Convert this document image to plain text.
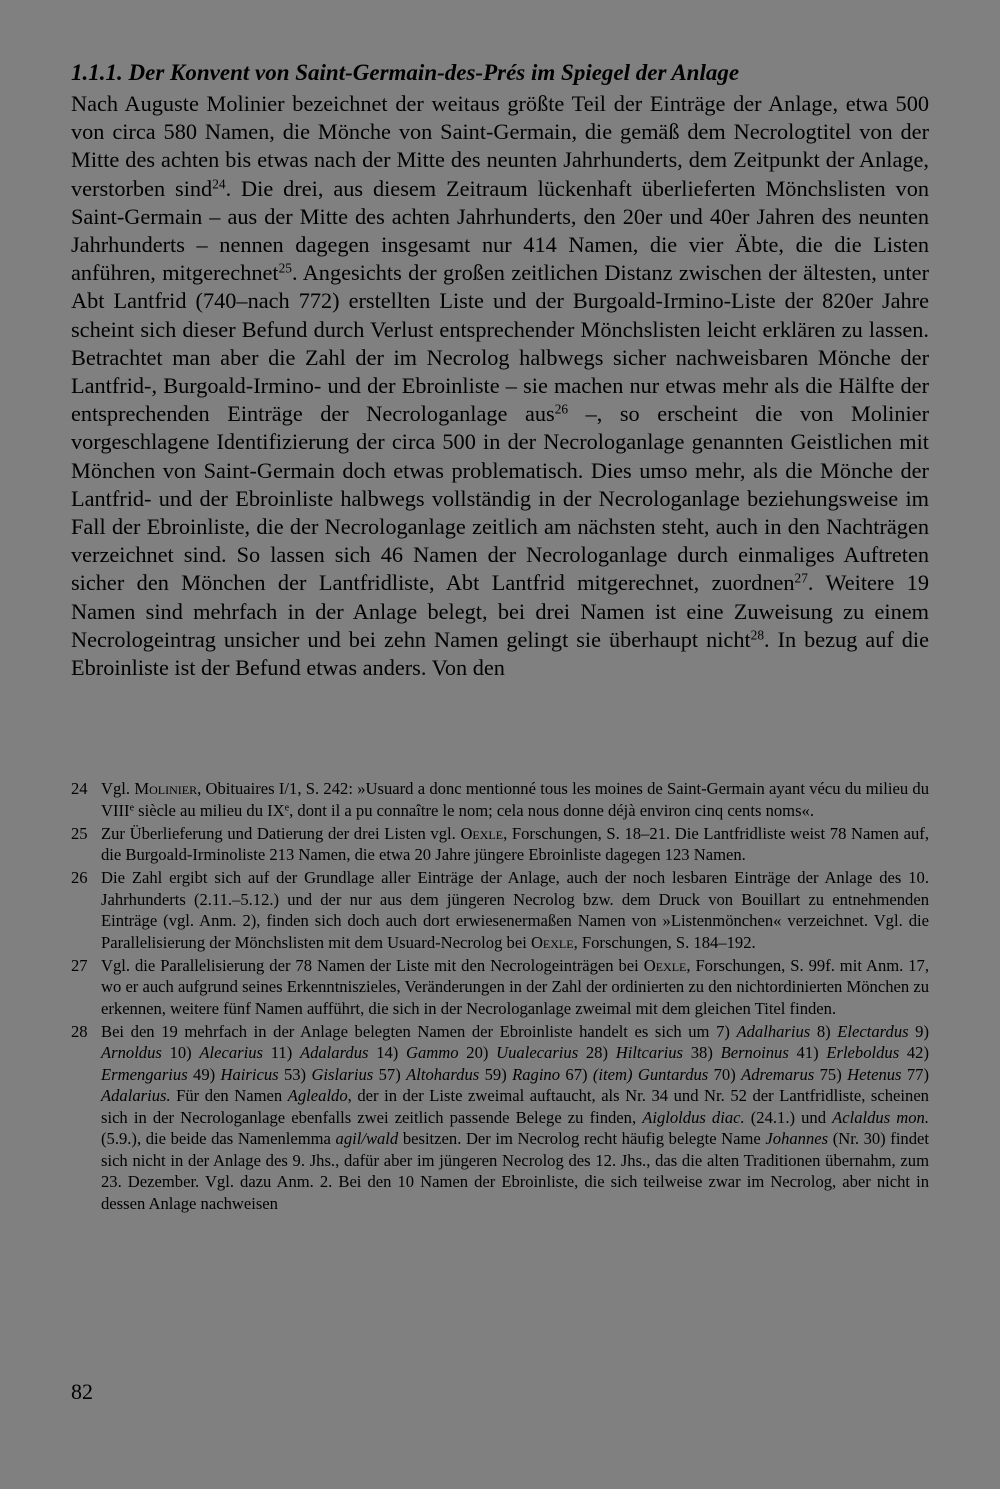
1.1.1. Der Konvent von Saint-Germain-des-Prés im Spiegel der Anlage

Nach Auguste Molinier bezeichnet der weitaus größte Teil der Einträge der Anlage, etwa 500 von circa 580 Namen, die Mönche von Saint-Germain, die gemäß dem Necrologtitel von der Mitte des achten bis etwas nach der Mitte des neunten Jahrhunderts, dem Zeitpunkt der Anlage, verstorben sind$^{24}$. Die drei, aus diesem Zeitraum lückenhaft überlieferten Mönchslisten von Saint-Germain – aus der Mitte des achten Jahrhunderts, den 20er und 40er Jahren des neunten Jahrhunderts – nennen dagegen insgesamt nur 414 Namen, die vier Äbte, die die Listen anführen, mitgerechnet$^{25}$. Angesichts der großen zeitlichen Distanz zwischen der ältesten, unter Abt Lantfrid (740–nach 772) erstellten Liste und der Burgoald-Irmino-Liste der 820er Jahre scheint sich dieser Befund durch Verlust entsprechender Mönchslisten leicht erklären zu lassen. Betrachtet man aber die Zahl der im Necrolog halbwegs sicher nachweisbaren Mönche der Lantfrid-, Burgoald-Irmino- und der Ebroinliste – sie machen nur etwas mehr als die Hälfte der entsprechenden Einträge der Necrologanlage aus$^{26}$ –, so erscheint die von Molinier vorgeschlagene Identifizierung der circa 500 in der Necrologanlage genannten Geistlichen mit Mönchen von Saint-Germain doch etwas problematisch. Dies umso mehr, als die Mönche der Lantfrid- und der Ebroinliste halbwegs vollständig in der Necrologanlage beziehungsweise im Fall der Ebroinliste, die der Necrologanlage zeitlich am nächsten steht, auch in den Nachträgen verzeichnet sind. So lassen sich 46 Namen der Necrologanlage durch einmaliges Auftreten sicher den Mönchen der Lantfridliste, Abt Lantfrid mitgerechnet, zuordnen$^{27}$. Weitere 19 Namen sind mehrfach in der Anlage belegt, bei drei Namen ist eine Zuweisung zu einem Necrologeintrag unsicher und bei zehn Namen gelingt sie überhaupt nicht$^{28}$. In bezug auf die Ebroinliste ist der Befund etwas anders. Von den

24 Vgl. Molinier, Obituaires I/1, S. 242: »Usuard a donc mentionné tous les moines de Saint-Germain ayant vécu du milieu du VIIIe siècle au milieu du IXe, dont il a pu connaître le nom; cela nous donne déjà environ cinq cents noms«.
25 Zur Überlieferung und Datierung der drei Listen vgl. Oexle, Forschungen, S. 18–21. Die Lantfridliste weist 78 Namen auf, die Burgoald-Irminoliste 213 Namen, die etwa 20 Jahre jüngere Ebroinliste dagegen 123 Namen.
26 Die Zahl ergibt sich auf der Grundlage aller Einträge der Anlage, auch der noch lesbaren Einträge der Anlage des 10. Jahrhunderts (2.11.–5.12.) und der nur aus dem jüngeren Necrolog bzw. dem Druck von Bouillart zu entnehmenden Einträge (vgl. Anm. 2), finden sich doch auch dort erwiesenermaßen Namen von »Listenmönchen« verzeichnet. Vgl. die Parallelisierung der Mönchslisten mit dem Usuard-Necrolog bei Oexle, Forschungen, S. 184–192.
27 Vgl. die Parallelisierung der 78 Namen der Liste mit den Necrologeinträgen bei Oexle, Forschungen, S. 99f. mit Anm. 17, wo er auch aufgrund seines Erkenntniszieles, Veränderungen in der Zahl der ordinierten zu den nichtordinierten Mönchen zu erkennen, weitere fünf Namen aufführt, die sich in der Necrologanlage zweimal mit dem gleichen Titel finden.
28 Bei den 19 mehrfach in der Anlage belegten Namen der Ebroinliste handelt es sich um 7) Adalharius 8) Electardus 9) Arnoldus 10) Alecarius 11) Adalardus 14) Gammo 20) Uualecarius 28) Hiltcarius 38) Bernoinus 41) Erleboldus 42) Ermengarius 49) Hairicus 53) Gislarius 57) Altohardus 59) Ragino 67) (item) Guntardus 70) Adremarus 75) Hetenus 77) Adalarius. Für den Namen Aglealdo, der in der Liste zweimal auftaucht, als Nr. 34 und Nr. 52 der Lantfridliste, scheinen sich in der Necrologanlage ebenfalls zwei zeitlich passende Belege zu finden, Aigloldus diac. (24.1.) und Aclaldus mon. (5.9.), die beide das Namenlemma agil/wald besitzen. Der im Necrolog recht häufig belegte Name Johannes (Nr. 30) findet sich nicht in der Anlage des 9. Jhs., dafür aber im jüngeren Necrolog des 12. Jhs., das die alten Traditionen übernahm, zum 23. Dezember. Vgl. dazu Anm. 2. Bei den 10 Namen der Ebroinliste, die sich teilweise zwar im Necrolog, aber nicht in dessen Anlage nachweisen
82
